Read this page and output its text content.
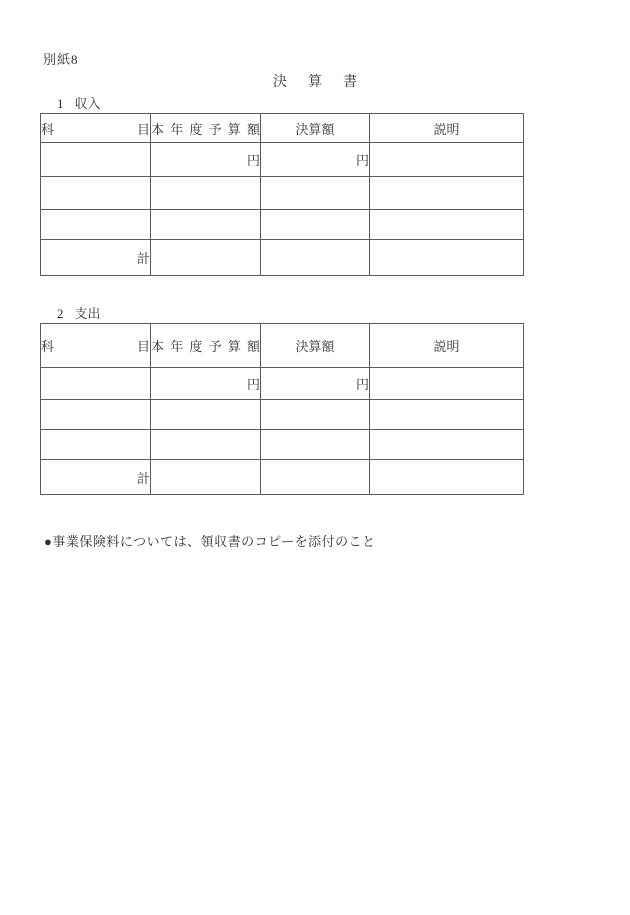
別紙8
決算書
1 収入
科目	本年度予算額	決算額	説明
	円	円	

計			
2 支出
科目	本年度予算額	決算額	説明
	円	円	

計			
●事業保険料については、領収書のコピーを添付のこと
